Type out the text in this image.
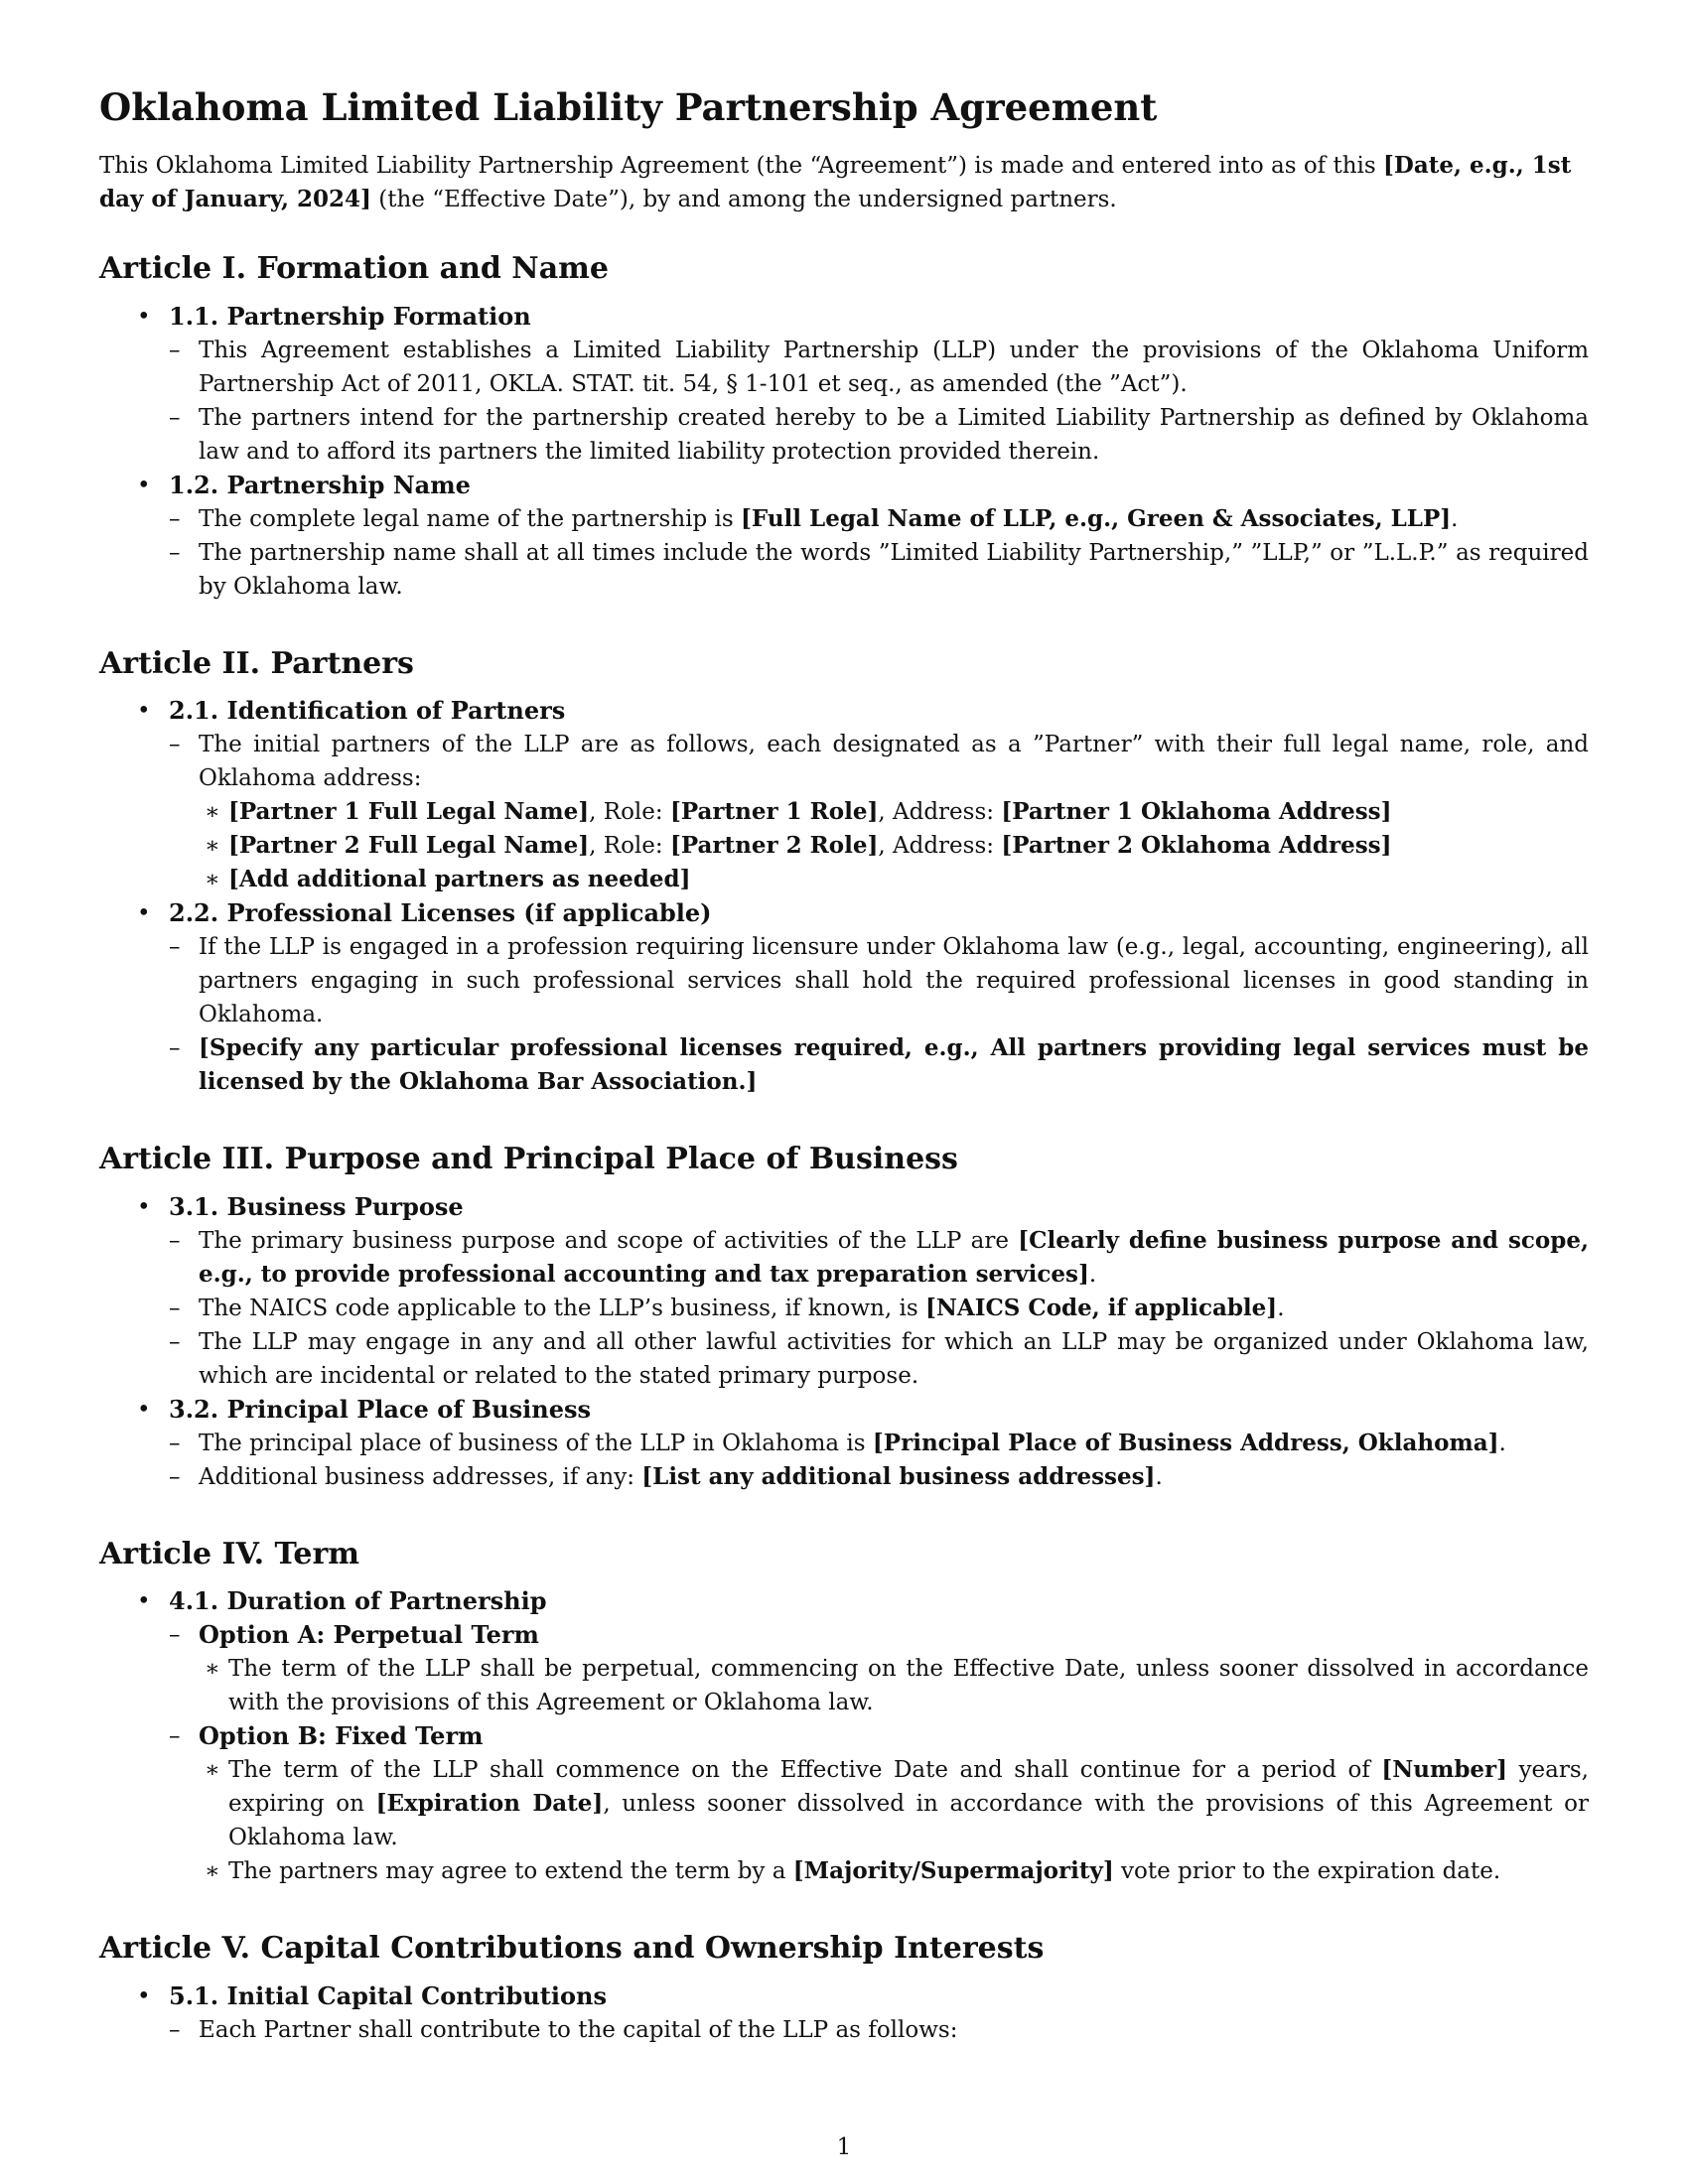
Oklahoma Limited Liability Partnership Agreement

This Oklahoma Limited Liability Partnership Agreement (the “Agreement”) is made and entered into as of this [Date, e.g., 1st day of January, 2024] (the “Effective Date”), by and among the undersigned partners.

Article I. Formation and Name
• 1.1. Partnership Formation
– This Agreement establishes a Limited Liability Partnership (LLP) under the provisions of the Oklahoma Uniform Partnership Act of 2011, OKLA. STAT. tit. 54, § 1-101 et seq., as amended (the ”Act”).
– The partners intend for the partnership created hereby to be a Limited Liability Partnership as defined by Oklahoma law and to afford its partners the limited liability protection provided therein.
• 1.2. Partnership Name
– The complete legal name of the partnership is [Full Legal Name of LLP, e.g., Green & Associates, LLP].
– The partnership name shall at all times include the words ”Limited Liability Partnership,” ”LLP,” or ”L.L.P.” as required by Oklahoma law.
Article II. Partners
• 2.1. Identification of Partners
– The initial partners of the LLP are as follows, each designated as a ”Partner” with their full legal name, role, and Oklahoma address:
∗ [Partner 1 Full Legal Name], Role: [Partner 1 Role], Address: [Partner 1 Oklahoma Address]
∗ [Partner 2 Full Legal Name], Role: [Partner 2 Role], Address: [Partner 2 Oklahoma Address]
∗ [Add additional partners as needed]
• 2.2. Professional Licenses (if applicable)
– If the LLP is engaged in a profession requiring licensure under Oklahoma law (e.g., legal, accounting, engineering), all partners engaging in such professional services shall hold the required professional licenses in good standing in Oklahoma.
– [Specify any particular professional licenses required, e.g., All partners providing legal services must be licensed by the Oklahoma Bar Association.]
Article III. Purpose and Principal Place of Business
• 3.1. Business Purpose
– The primary business purpose and scope of activities of the LLP are [Clearly define business purpose and scope, e.g., to provide professional accounting and tax preparation services].
– The NAICS code applicable to the LLP’s business, if known, is [NAICS Code, if applicable].
– The LLP may engage in any and all other lawful activities for which an LLP may be organized under Oklahoma law, which are incidental or related to the stated primary purpose.
• 3.2. Principal Place of Business
– The principal place of business of the LLP in Oklahoma is [Principal Place of Business Address, Oklahoma].
– Additional business addresses, if any: [List any additional business addresses].
Article IV. Term
• 4.1. Duration of Partnership
– Option A: Perpetual Term
∗ The term of the LLP shall be perpetual, commencing on the Effective Date, unless sooner dissolved in accordance with the provisions of this Agreement or Oklahoma law.
– Option B: Fixed Term
∗ The term of the LLP shall commence on the Effective Date and shall continue for a period of [Number] years, expiring on [Expiration Date], unless sooner dissolved in accordance with the provisions of this Agreement or Oklahoma law.
∗ The partners may agree to extend the term by a [Majority/Supermajority] vote prior to the expiration date.
Article V. Capital Contributions and Ownership Interests
• 5.1. Initial Capital Contributions
– Each Partner shall contribute to the capital of the LLP as follows:
1
